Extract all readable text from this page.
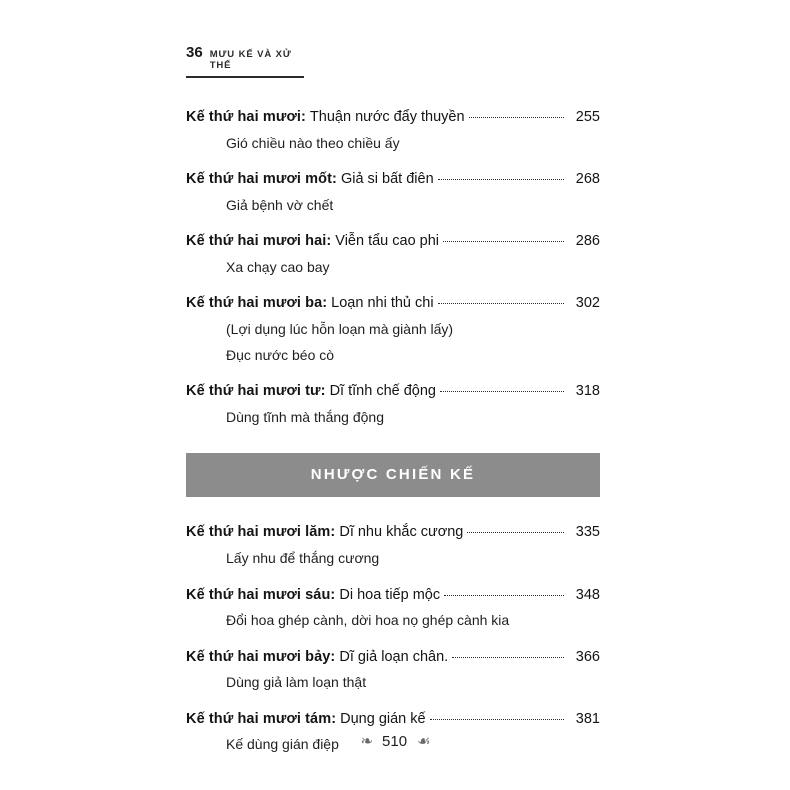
36 MƯU KẾ VÀ XỬ THẾ
Kế thứ hai mươi: Thuận nước đẩy thuyền	255
Gió chiều nào theo chiều ấy
Kế thứ hai mươi mốt: Giả si bất điên	268
Giả bệnh vờ chết
Kế thứ hai mươi hai: Viễn tẩu cao phi	286
Xa chạy cao bay
Kế thứ hai mươi ba: Loạn nhi thủ chi	302
(Lợi dụng lúc hỗn loạn mà giành lấy)
Đục nước béo cò
Kế thứ hai mươi tư: Dĩ tĩnh chế động	318
Dùng tĩnh mà thắng động
NHƯỢC CHIẾN KẾ
Kế thứ hai mươi lăm: Dĩ nhu khắc cương	335
Lấy nhu để thắng cương
Kế thứ hai mươi sáu: Di hoa tiếp mộc	348
Đổi hoa ghép cành, dời hoa nọ ghép cành kia
Kế thứ hai mươi bảy: Dĩ giả loạn chân.	366
Dùng giả làm loạn thật
Kế thứ hai mươi tám: Dụng gián kế	381
Kế dùng gián điệp	❧ 510 ☙
